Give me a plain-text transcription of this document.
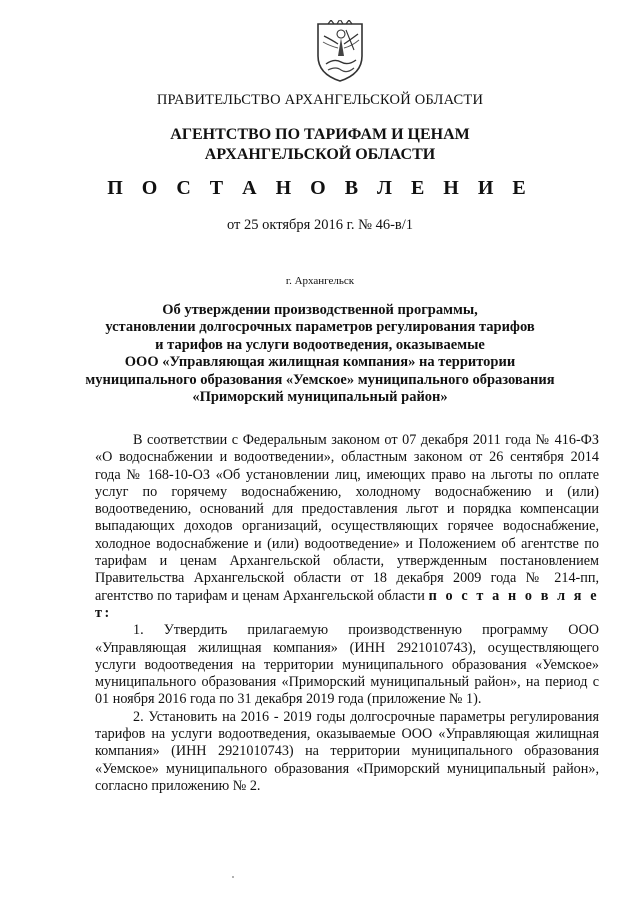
ПРАВИТЕЛЬСТВО АРХАНГЕЛЬСКОЙ ОБЛАСТИ
АГЕНТСТВО ПО ТАРИФАМ И ЦЕНАМ
АРХАНГЕЛЬСКОЙ ОБЛАСТИ
П О С Т А Н О В Л Е Н И Е
от 25 октября 2016 г. № 46-в/1
г. Архангельск
Об утверждении производственной программы,
установлении долгосрочных параметров регулирования тарифов
и тарифов на услуги водоотведения, оказываемые
ООО «Управляющая жилищная компания» на территории
муниципального образования «Уемское» муниципального образования
«Приморский муниципальный район»

В соответствии с Федеральным законом от 07 декабря 2011 года № 416-ФЗ «О водоснабжении и водоотведении», областным законом от 26 сентября 2014 года № 168-10-ОЗ «Об установлении лиц, имеющих право на льготы по оплате услуг по горячему водоснабжению, холодному водоснабжению и (или) водоотведению, оснований для предоставления льгот и порядка компенсации выпадающих доходов организаций, осуществляющих горячее водоснабжение, холодное водоснабжение и (или) водоотведение» и Положением об агентстве по тарифам и ценам Архангельской области, утвержденным постановлением Правительства Архангельской области от 18 декабря 2009 года № 214-пп, агентство по тарифам и ценам Архангельской области п о с т а н о в л я е т:

1. Утвердить прилагаемую производственную программу ООО «Управляющая жилищная компания» (ИНН 2921010743), осуществляющего услуги водоотведения на территории муниципального образования «Уемское» муниципального образования «Приморский муниципальный район», на период с 01 ноября 2016 года по 31 декабря 2019 года (приложение № 1).

2. Установить на 2016 - 2019 годы долгосрочные параметры регулирования тарифов на услуги водоотведения, оказываемые ООО «Управляющая жилищная компания» (ИНН 2921010743) на территории муниципального образования «Уемское» муниципального образования «Приморский муниципальный район», согласно приложению № 2.
